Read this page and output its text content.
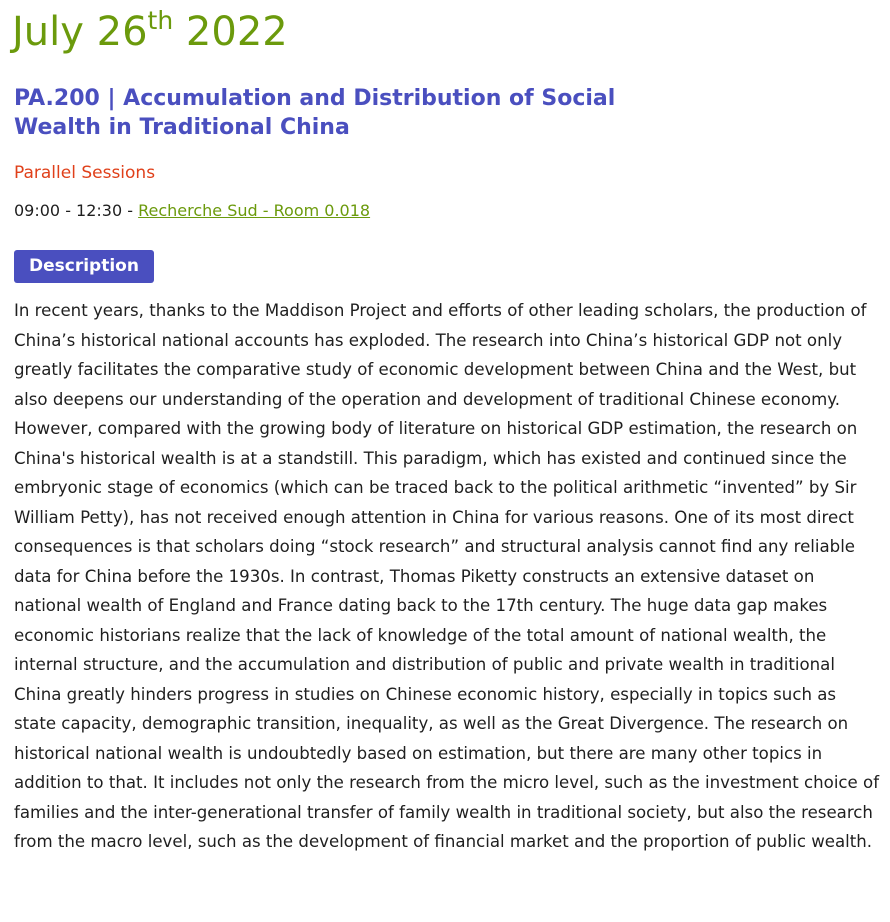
July 26th 2022
PA.200 | Accumulation and Distribution of Social Wealth in Traditional China
Parallel Sessions
09:00 - 12:30 - Recherche Sud - Room 0.018
Description

In recent years, thanks to the Maddison Project and efforts of other leading scholars, the production of China’s historical national accounts has exploded. The research into China’s historical GDP not only greatly facilitates the comparative study of economic development between China and the West, but also deepens our understanding of the operation and development of traditional Chinese economy. However, compared with the growing body of literature on historical GDP estimation, the research on China's historical wealth is at a standstill. This paradigm, which has existed and continued since the embryonic stage of economics (which can be traced back to the political arithmetic “invented” by Sir William Petty), has not received enough attention in China for various reasons. One of its most direct consequences is that scholars doing “stock research” and structural analysis cannot find any reliable data for China before the 1930s. In contrast, Thomas Piketty constructs an extensive dataset on national wealth of England and France dating back to the 17th century. The huge data gap makes economic historians realize that the lack of knowledge of the total amount of national wealth, the internal structure, and the accumulation and distribution of public and private wealth in traditional China greatly hinders progress in studies on Chinese economic history, especially in topics such as state capacity, demographic transition, inequality, as well as the Great Divergence. The research on historical national wealth is undoubtedly based on estimation, but there are many other topics in addition to that. It includes not only the research from the micro level, such as the investment choice of families and the inter-generational transfer of family wealth in traditional society, but also the research from the macro level, such as the development of financial market and the proportion of public wealth.
